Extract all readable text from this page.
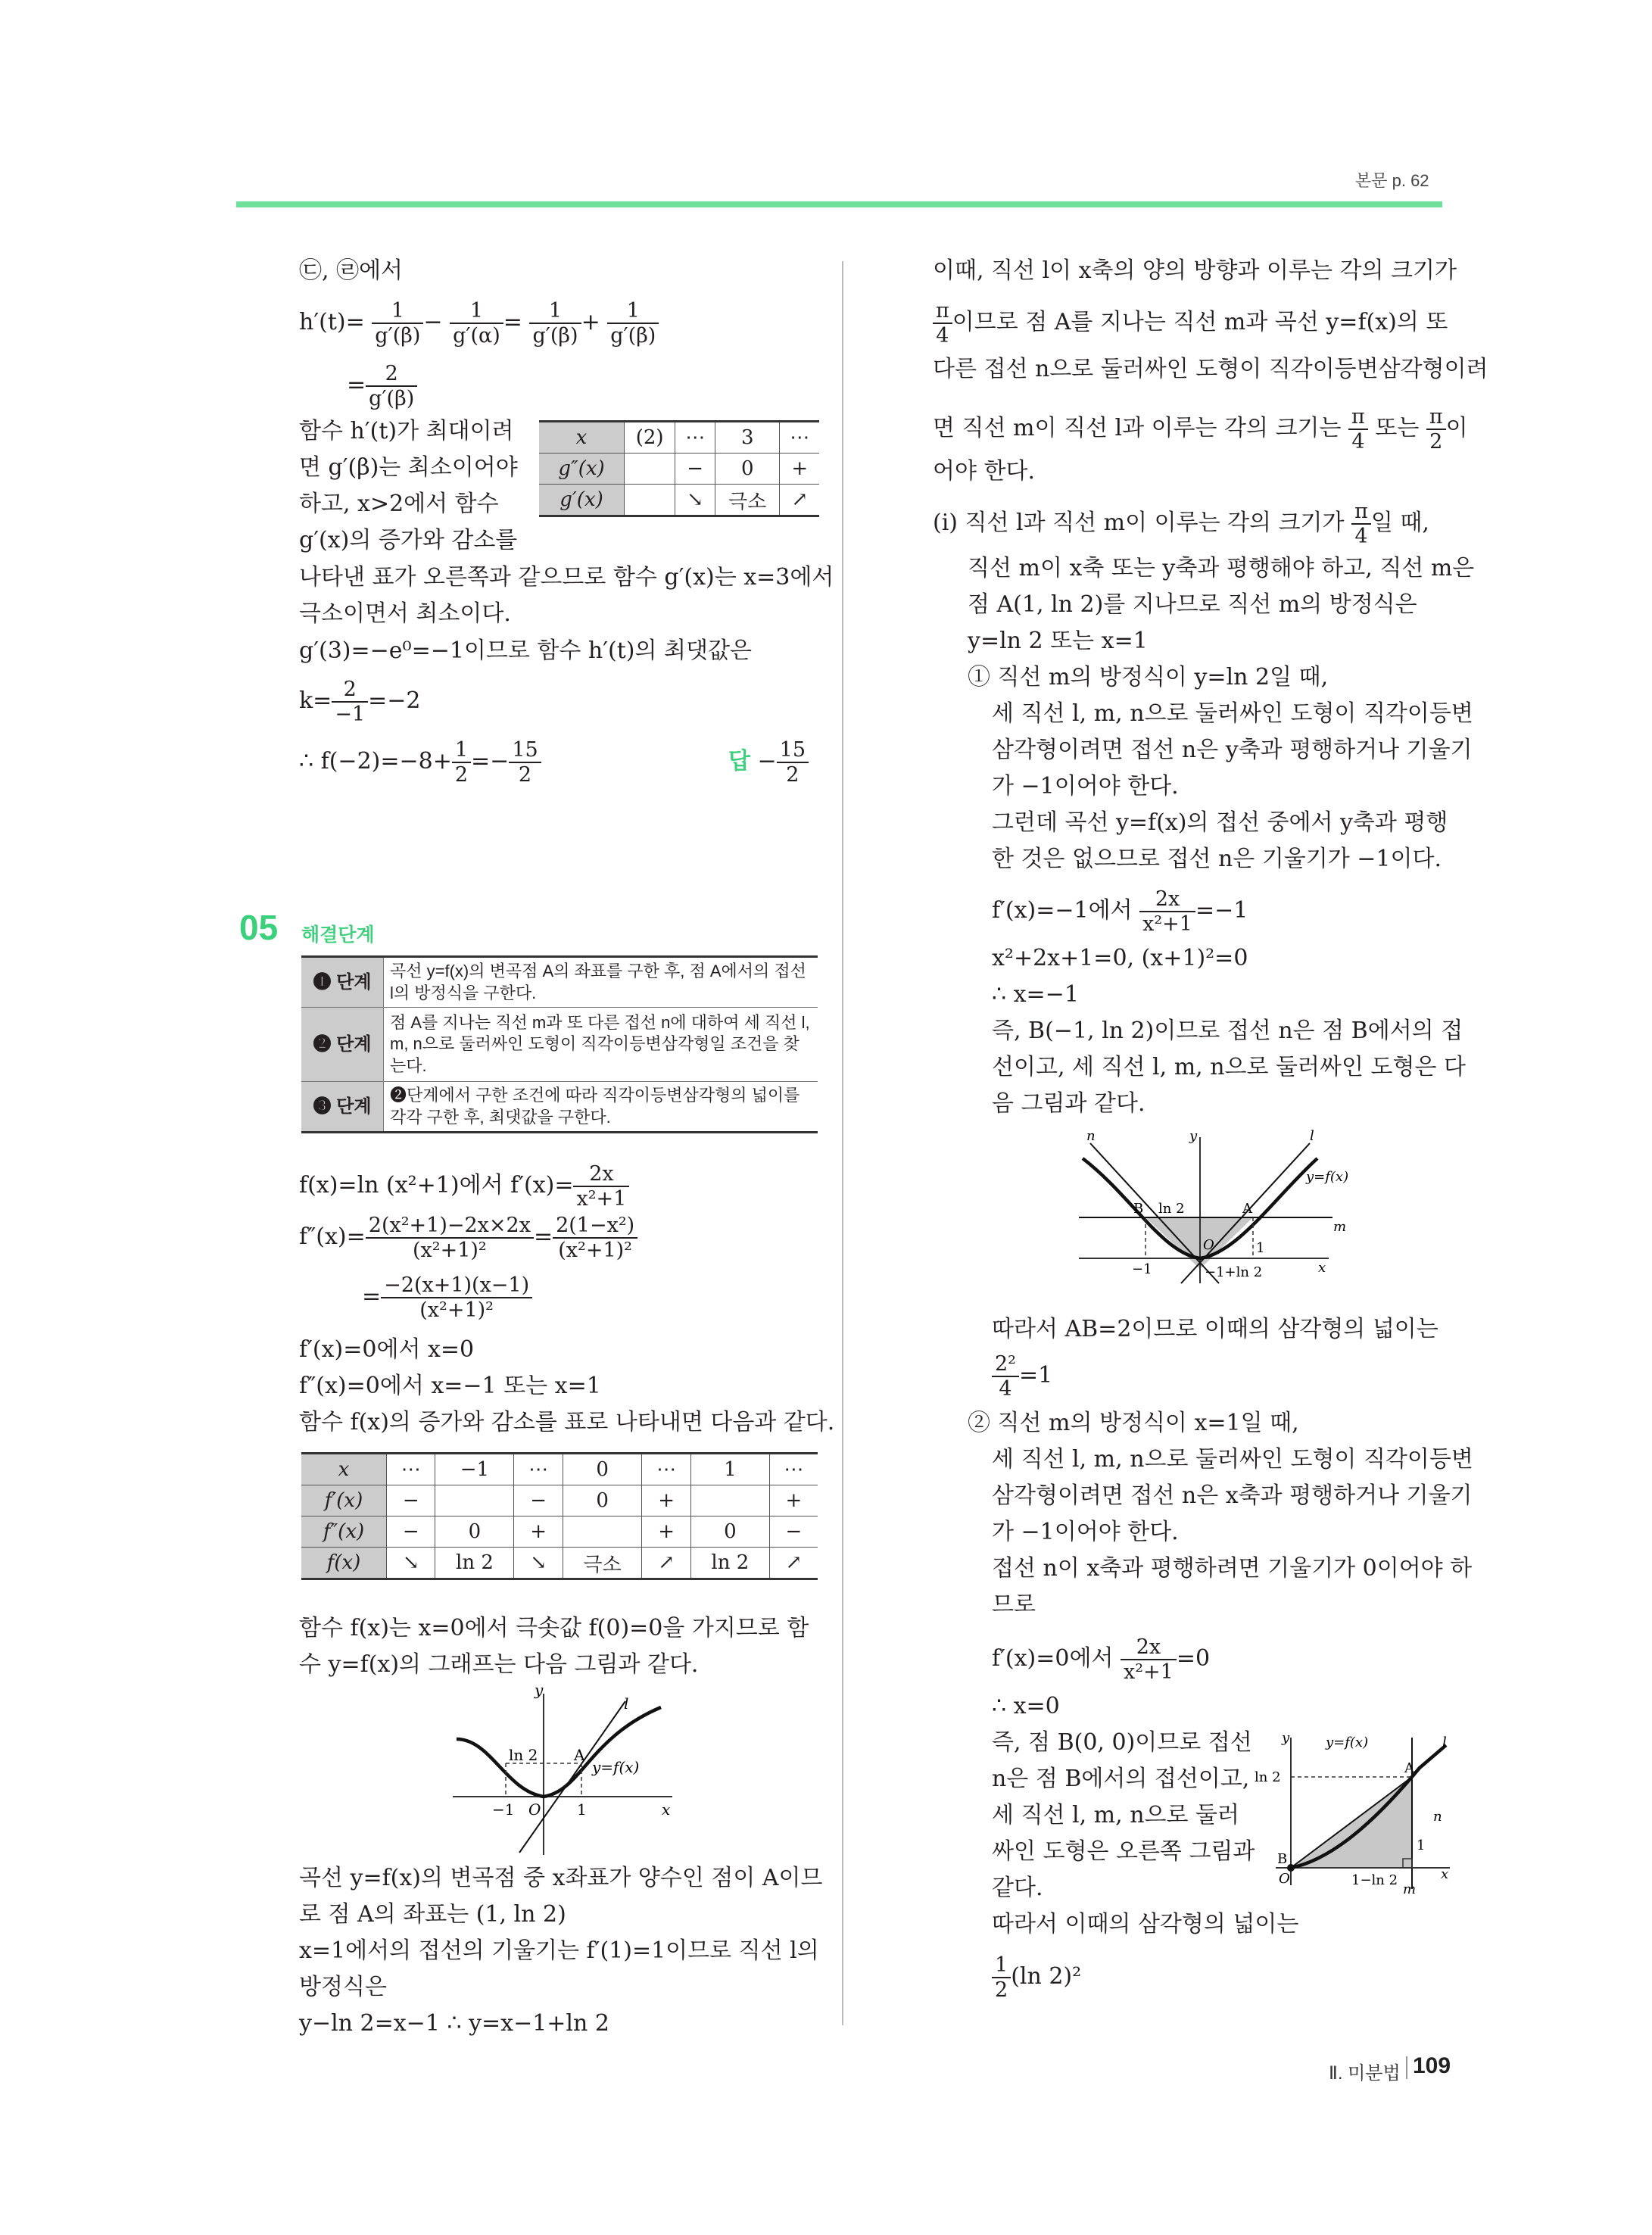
본문 p. 62
㉢, ㉣에서
$h'(t)= \frac{1}{g'(\beta)} - \frac{1}{g'(\alpha)} = \frac{1}{g'(\beta)} + \frac{1}{g'(\beta)}$
= $\frac{2}{g'(\beta)}$
함수 h′(t)가 최대이려
면 g′(β)는 최소이어야
하고, x>2에서 함수
g′(x)의 증가와 감소를
x	(2)	⋯	3	⋯
g″(x)		−	0	+
g′(x)		↘	극소	↗
나타낸 표가 오른쪽과 같으므로 함수 g′(x)는 x=3에서
극소이면서 최소이다.
g′(3)=−e⁰=−1이므로 함수 h′(t)의 최댓값은
$k= \frac{2}{-1} =-2$
∴ $f(-2)=-8+ \frac{1}{2} =- \frac{15}{2}$	답 − $\frac{15}{2}$
05 해결단계
❶ 단계	곡선 y=f(x)의 변곡점 A의 좌표를 구한 후, 점 A에서의 접선 l의 방정식을 구한다.
❷ 단계	점 A를 지나는 직선 m과 또 다른 접선 n에 대하여 세 직선 l, m, n으로 둘러싸인 도형이 직각이등변삼각형일 조건을 찾는다.
❸ 단계	❷단계에서 구한 조건에 따라 직각이등변삼각형의 넓이를 각각 구한 후, 최댓값을 구한다.
f(x)=ln (x²+1)에서 $f'(x)= \frac{2x}{\text{x²+1}}$
$f''(x)= \frac{\text{2(x²+1)−2x×2x}}{\text{(x²+1)²}} = \frac{\text{2(1−x²)}}{\text{(x²+1)²}}$
= $\frac{-2(x+1)(x-1)}{\text{(x²+1)²}}$
f′(x)=0에서 x=0
f″(x)=0에서 x=−1 또는 x=1
함수 f(x)의 증가와 감소를 표로 나타내면 다음과 같다.
x	⋯	−1	⋯	0	⋯	1	⋯
f′(x)	−		−	0	+		+
f″(x)	−	0	+		+	0	−
f(x)	↘	ln 2	↘	극소	↗	ln 2	↗
함수 f(x)는 x=0에서 극솟값 f(0)=0을 가지므로 함
수 y=f(x)의 그래프는 다음 그림과 같다.
y
l
ln 2 A
y=f(x)
−1 O 1	x
곡선 y=f(x)의 변곡점 중 x좌표가 양수인 점이 A이므
로 점 A의 좌표는 (1, ln 2)
x=1에서의 접선의 기울기는 f′(1)=1이므로 직선 l의
방정식은
y−ln 2=x−1 ∴ y=x−1+ln 2
이때, 직선 l이 x축의 양의 방향과 이루는 각의 크기가
$\frac{\pi}{4}$ 이므로 점 A를 지나는 직선 m과 곡선 y=f(x)의 또
다른 접선 n으로 둘러싸인 도형이 직각이등변삼각형이려
면 직선 m이 직선 l과 이루는 각의 크기는 $\frac{\pi}{4}$ 또는 $\frac{\pi}{2}$ 이
어야 한다.
(i) 직선 l과 직선 m이 이루는 각의 크기가 $\frac{\pi}{4}$ 일 때,
직선 m이 x축 또는 y축과 평행해야 하고, 직선 m은
점 A(1, ln 2)를 지나므로 직선 m의 방정식은
y=ln 2 또는 x=1
① 직선 m의 방정식이 y=ln 2일 때,
세 직선 l, m, n으로 둘러싸인 도형이 직각이등변
삼각형이려면 접선 n은 y축과 평행하거나 기울기
가 −1이어야 한다.
그런데 곡선 y=f(x)의 접선 중에서 y축과 평행
한 것은 없으므로 접선 n은 기울기가 −1이다.
f′(x)=−1에서 $\frac{2x}{\text{x²+1}} =-1$
x²+2x+1=0, (x+1)²=0
∴ x=−1
즉, B(−1, ln 2)이므로 접선 n은 점 B에서의 접
선이고, 세 직선 l, m, n으로 둘러싸인 도형은 다
음 그림과 같다.
n	y	l
y=f(x)
B ln 2	A
m
O	1
−1	−1+ln 2	x
따라서 AB=2이므로 이때의 삼각형의 넓이는
$\frac{\text{2²}}{4} =1$
② 직선 m의 방정식이 x=1일 때,
세 직선 l, m, n으로 둘러싸인 도형이 직각이등변
삼각형이려면 접선 n은 x축과 평행하거나 기울기
가 −1이어야 한다.
접선 n이 x축과 평행하려면 기울기가 0이어야 하
므로
f′(x)=0에서 $\frac{2x}{\text{x²+1}} =0$
∴ x=0
즉, 점 B(0, 0)이므로 접선
n은 점 B에서의 접선이고,
세 직선 l, m, n으로 둘러
싸인 도형은 오른쪽 그림과
같다.
따라서 이때의 삼각형의 넓이는
$\frac{1}{2} (\ln$ 2)²
y	y=f(x)	l
ln 2
A
n
B
1
O	1−ln 2
m
x
Ⅱ. 미분법 109
